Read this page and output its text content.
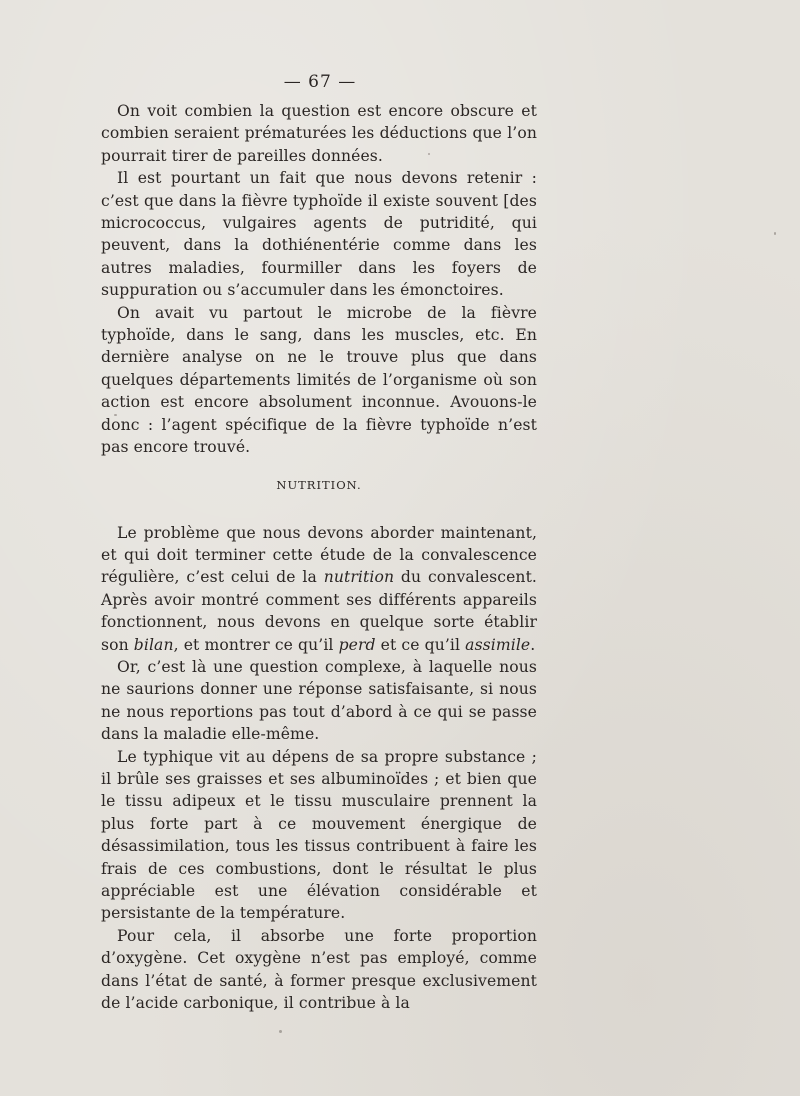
— 67 —

On voit combien la question est encore obscure et combien seraient prématurées les déductions que l’on pourrait tirer de pareilles données.

Il est pourtant un fait que nous devons retenir : c’est que dans la fièvre typhoïde il existe souvent [des micrococcus, vulgaires agents de putridité, qui peuvent, dans la dothiénentérie comme dans les autres maladies, fourmiller dans les foyers de suppuration ou s’accumuler dans les émonctoires.

On avait vu partout le microbe de la fièvre typhoïde, dans le sang, dans les muscles, etc. En dernière analyse on ne le trouve plus que dans quelques départements limités de l’organisme où son action est encore absolument inconnue. Avouons-le donc : l’agent spécifique de la fièvre typhoïde n’est pas encore trouvé.

NUTRITION.

Le problème que nous devons aborder maintenant, et qui doit terminer cette étude de la convalescence régulière, c’est celui de la nutrition du convalescent. Après avoir montré comment ses différents appareils fonctionnent, nous devons en quelque sorte établir son bilan, et montrer ce qu’il perd et ce qu’il assimile.

Or, c’est là une question complexe, à laquelle nous ne saurions donner une réponse satisfaisante, si nous ne nous reportions pas tout d’abord à ce qui se passe dans la maladie elle-même.

Le typhique vit au dépens de sa propre substance ; il brûle ses graisses et ses albuminoïdes ; et bien que le tissu adipeux et le tissu musculaire prennent la plus forte part à ce mouvement énergique de désassimilation, tous les tissus contribuent à faire les frais de ces combustions, dont le résultat le plus appréciable est une élévation considérable et persistante de la température.

Pour cela, il absorbe une forte proportion d’oxygène. Cet oxygène n’est pas employé, comme dans l’état de santé, à former presque exclusivement de l’acide carbonique, il contribue à la
